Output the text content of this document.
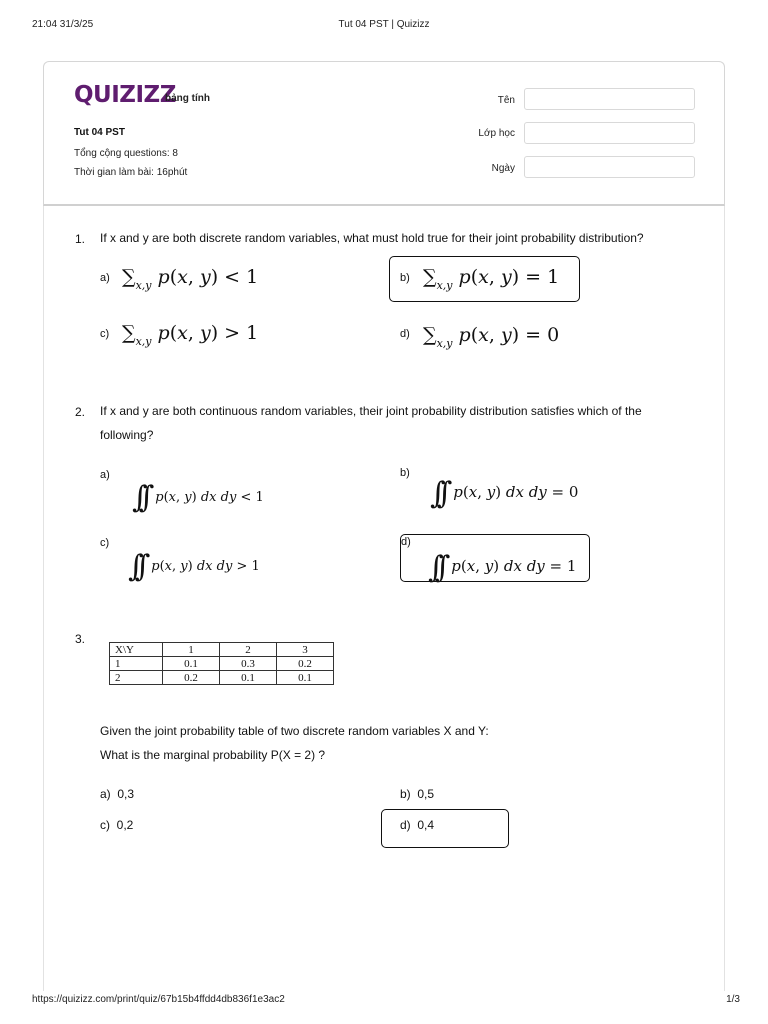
21:04 31/3/25	Tut 04 PST | Quizizz
https://quizizz.com/print/quiz/67b15b4ffdd4db836f1e3ac2	1/3
QUIZIZZ
bảng tính
Tut 04 PST
Tổng cộng questions: 8
Thời gian làm bài: 16phút
Tên
Lớp học
Ngày
1. If x and y are both discrete random variables, what must hold true for their joint probability distribution?
a) $\sum_{x,y}$ p(x, y) < 1	b) $\sum_{x,y}$ p(x, y) = 1
c) $\sum_{x,y}$ p(x, y) > 1	d) $\sum_{x,y}$ p(x, y) = 0
2. If x and y are both continuous random variables, their joint probability distribution satisfies which of the
following?
a)
∫∫ p(x, y) dx dy < 1
b)
∫∫ p(x, y) dx dy = 0
c)
∫∫ p(x, y) dx dy > 1
d)
∫∫ p(x, y) dx dy = 1
3.
X\Y	1	2	3
1	0.1	0.3	0.2
2	0.2	0.1	0.1
Given the joint probability table of two discrete random variables X and Y:
What is the marginal probability P(X = 2) ?
a) 0,3	b) 0,5
c) 0,2	d) 0,4
